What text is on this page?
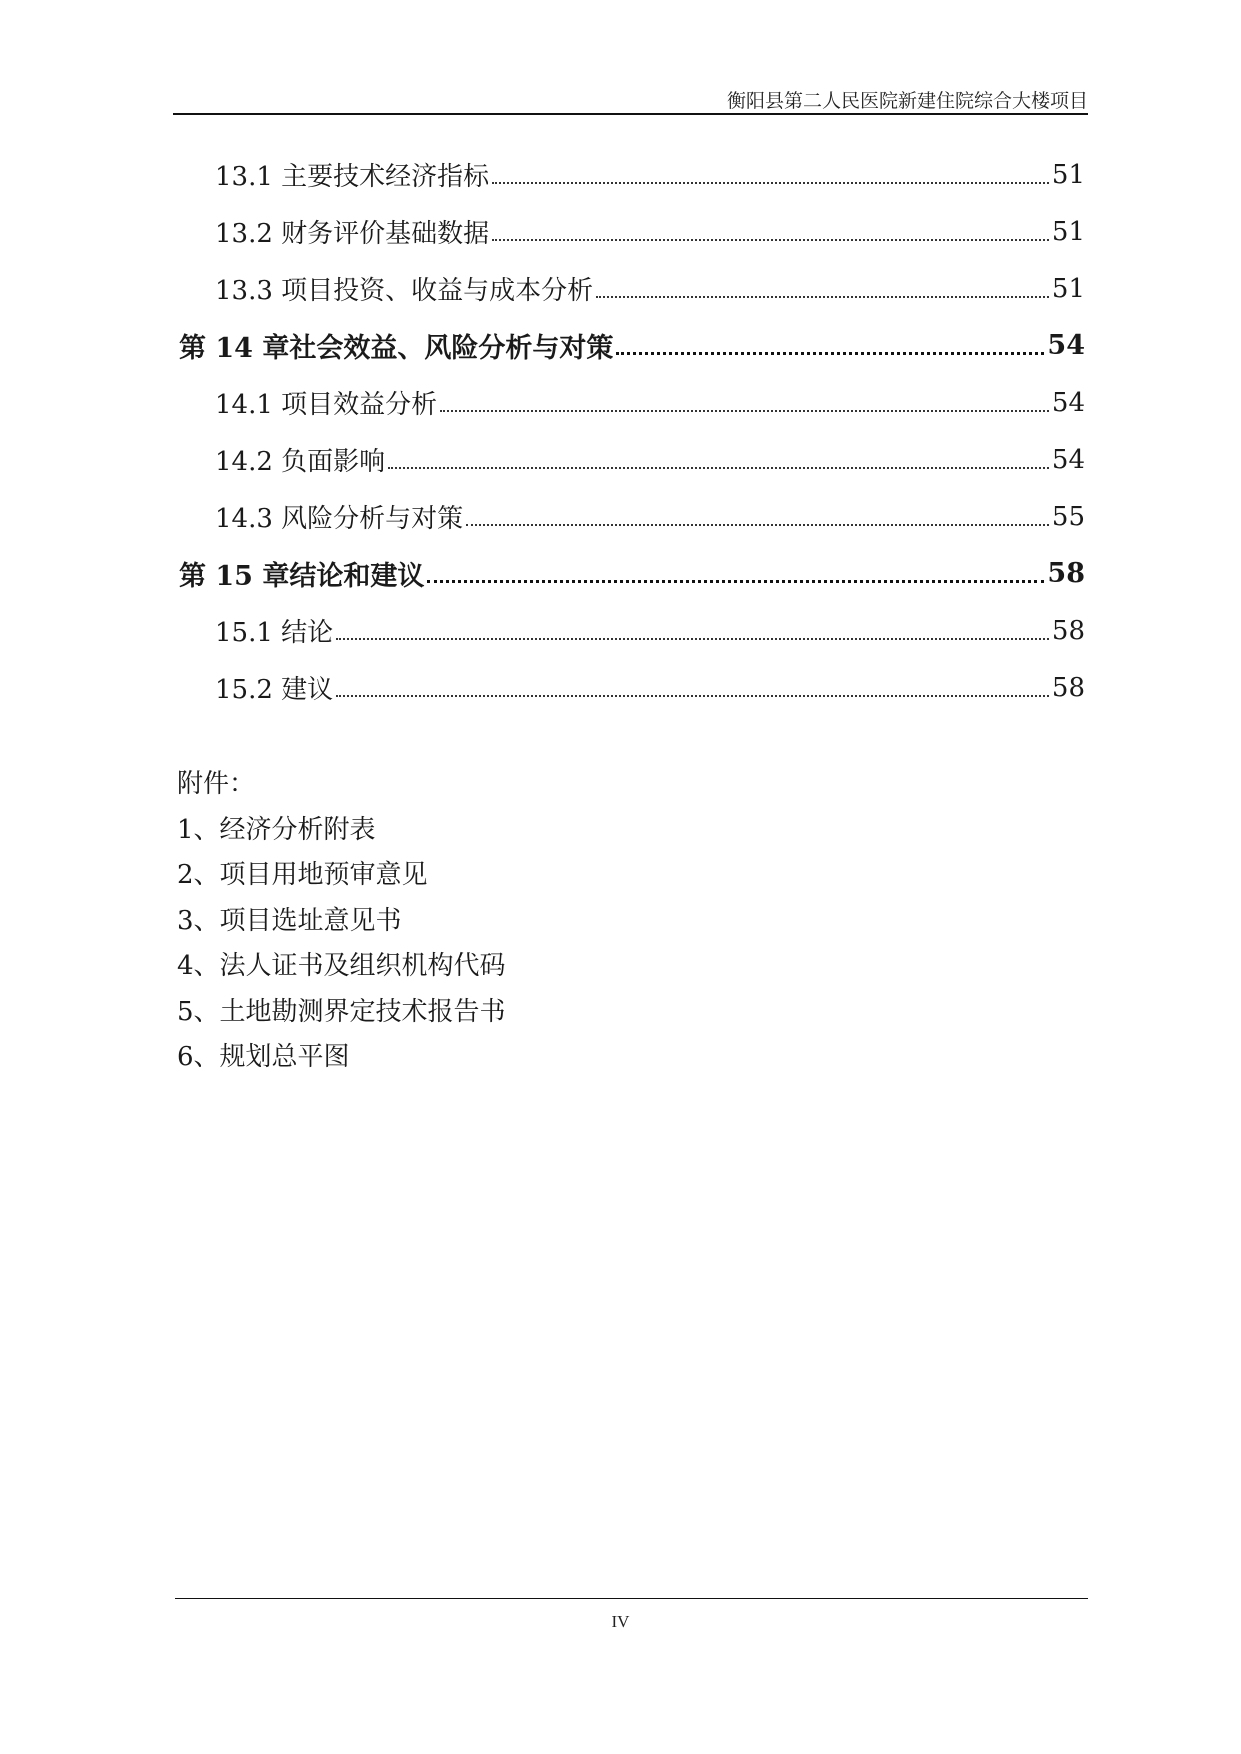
衡阳县第二人民医院新建住院综合大楼项目
13.1 主要技术经济指标	51
13.2 财务评价基础数据	51
13.3 项目投资、收益与成本分析	51
第 14 章社会效益、风险分析与对策	54
14.1 项目效益分析	54
14.2 负面影响	54
14.3 风险分析与对策	55
第 15 章结论和建议	58
15.1 结论	58
15.2 建议	58
附件：
1、经济分析附表
2、项目用地预审意见
3、项目选址意见书
4、法人证书及组织机构代码
5、土地勘测界定技术报告书
6、规划总平图
IV
